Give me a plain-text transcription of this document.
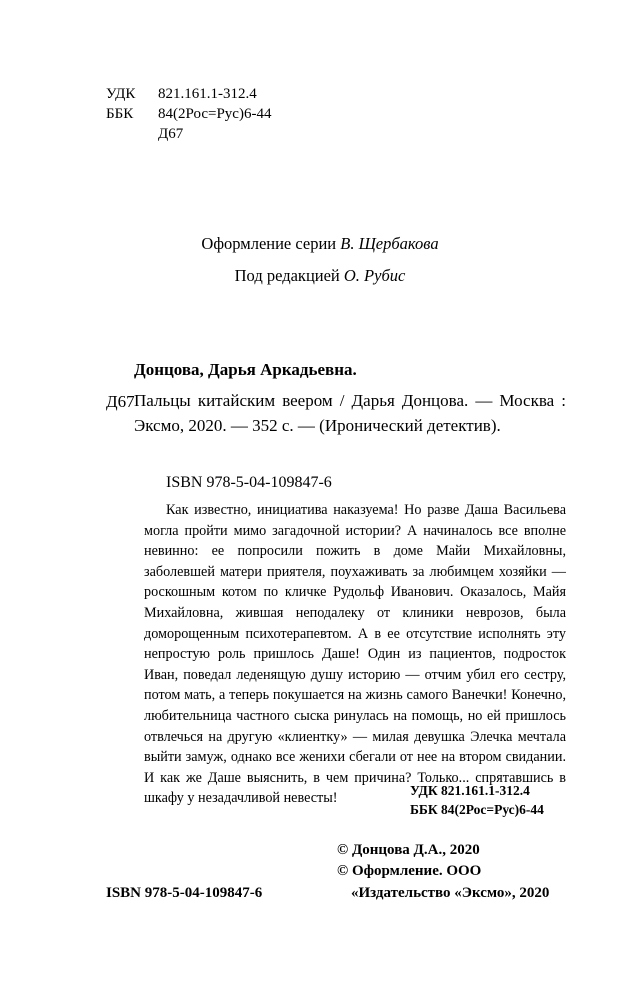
УДК 821.161.1-312.4
ББК 84(2Рос=Рус)6-44
Д67
Оформление серии В. Щербакова
Под редакцией О. Рубис
Донцова, Дарья Аркадьевна.
Д67 Пальцы китайским веером / Дарья Донцова. — Москва : Эксмо, 2020. — 352 с. — (Иронический детектив).

ISBN 978-5-04-109847-6

Как известно, инициатива наказуема! Но разве Даша Васильева могла пройти мимо загадочной истории? А начиналось все вполне невинно: ее попросили пожить в доме Майи Михайловны, заболевшей матери приятеля, поухаживать за любимцем хозяйки — роскошным котом по кличке Рудольф Иванович. Оказалось, Майя Михайловна, жившая неподалеку от клиники неврозов, была доморощенным психотерапевтом. А в ее отсутствие исполнять эту непростую роль пришлось Даше! Один из пациентов, подросток Иван, поведал леденящую душу историю — отчим убил его сестру, потом мать, а теперь покушается на жизнь самого Ванечки! Конечно, любительница частного сыска ринулась на помощь, но ей пришлось отвлечься на другую «клиентку» — милая девушка Элечка мечтала выйти замуж, однако все женихи сбегали от нее на втором свидании. И как же Даше выяснить, в чем причина? Только... спрятавшись в шкафу у незадачливой невесты!	УДК 821.161.1-312.4
ББК 84(2Рос=Рус)6-44
© Донцова Д.А., 2020
© Оформление. ООО
«Издательство «Эксмо», 2020
ISBN 978-5-04-109847-6
